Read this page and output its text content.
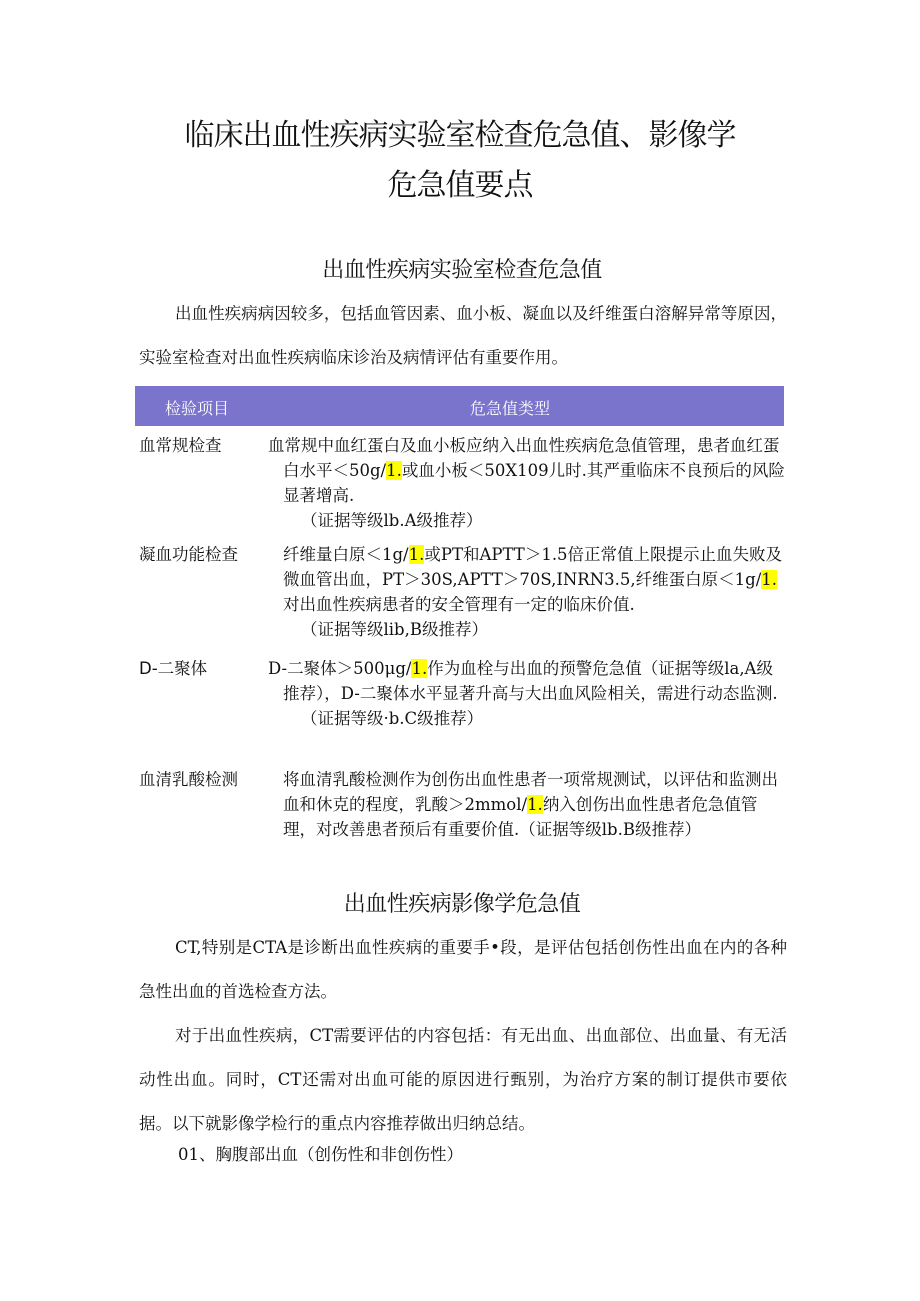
临床出血性疾病实验室检查危急值、影像学
危急值要点
出血性疾病实验室检查危急值

出血性疾病病因较多，包括血管因素、血小板、凝血以及纤维蛋白溶解异常等原因，实验室检查对出血性疾病临床诊治及病情评估有重要作用。

检验项目	危急值类型
血常规检查	血常规中血红蛋白及血小板应纳入出血性疾病危急值管理，患者血红蛋白水平＜50g/1.或血小板＜50X109儿时.其严重临床不良预后的风险显著增高.
（证据等级lb.A级推荐）
凝血功能检查	纤维量白原＜1g/1.或PT和APTT＞1.5倍正常值上限提示止血失败及微血管出血，PT＞30S,APTT＞70S,INRN3.5,纤维蛋白原＜1g/1.对出血性疾病患者的安全管理有一定的临床价值.
（证据等级lib,B级推荐）
D-二聚体	D-二聚体＞500μg/1.作为血栓与出血的预警危急值（证据等级la,A级推荐），D-二聚体水平显著升高与大出血风险相关，需进行动态监测.
（证据等级·b.C级推荐）
血清乳酸检测	将血清乳酸检测作为创伤出血性患者一项常规测试，以评估和监测出血和休克的程度，乳酸＞2mmol/1.纳入创伤出血性患者危急值管理，对改善患者预后有重要价值.（证据等级lb.B级推荐）
出血性疾病影像学危急值

CT,特别是CTA是诊断出血性疾病的重要手•段，是评估包括创伤性出血在内的各种急性出血的首选检查方法。

对于出血性疾病，CT需要评估的内容包括：有无出血、出血部位、出血量、有无活动性出血。同时，CT还需对出血可能的原因进行甄别，为治疗方案的制订提供市要依据。以下就影像学检行的重点内容推荐做出归纳总结。

01、胸腹部出血（创伤性和非创伤性）
